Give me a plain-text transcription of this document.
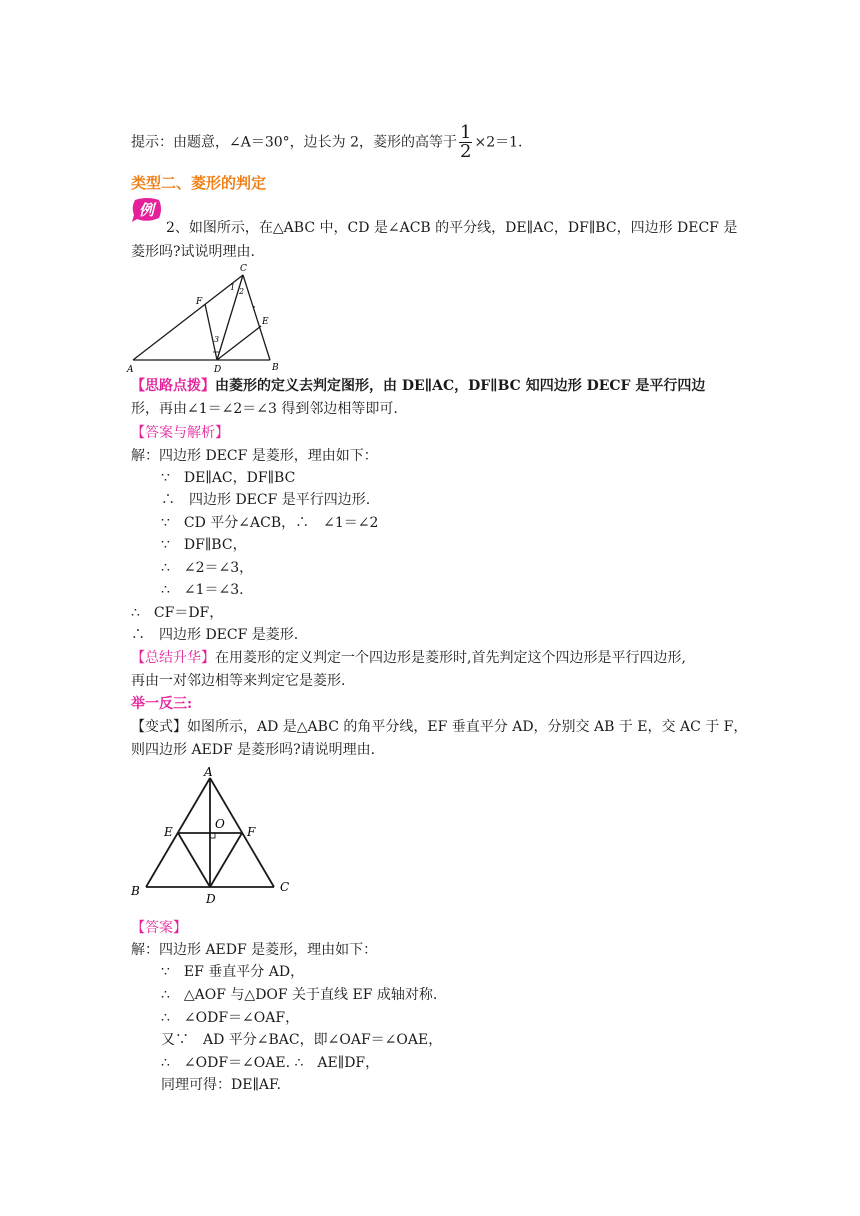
提示：由题意，∠A＝30°，边长为 2，菱形的高等于 $\frac{1}{2} \times 2=1$.
类型二、菱形的判定
例
2、如图所示，在△ABC 中，CD 是∠ACB 的平分线，DE∥AC，DF∥BC，四边形 DECF 是
菱形吗?试说明理由.
A	B
C
D
E
F
1 2
3
【思路点拨】由菱形的定义去判定图形，由 DE∥AC，DF∥BC 知四边形 DECF 是平行四边
形，再由∠1＝∠2＝∠3 得到邻边相等即可.
【答案与解析】
解：四边形 DECF 是菱形，理由如下：
∵　DE∥AC，DF∥BC
∴　四边形 DECF 是平行四边形.
∵　CD 平分∠ACB，∴　∠1＝∠2
∵　DF∥BC，
∴　∠2＝∠3，
∴　∠1＝∠3.
∴　CF＝DF，
∴　四边形 DECF 是菱形.
【总结升华】在用菱形的定义判定一个四边形是菱形时,首先判定这个四边形是平行四边形,
再由一对邻边相等来判定它是菱形.
举一反三:
【变式】如图所示，AD 是△ABC 的角平分线，EF 垂直平分 AD，分别交 AB 于 E，交 AC 于 F，
则四边形 AEDF 是菱形吗?请说明理由.
A
B	C
D
E	F
O
【答案】
解：四边形 AEDF 是菱形，理由如下：
∵　EF 垂直平分 AD，
∴　△AOF 与△DOF 关于直线 EF 成轴对称.
∴　∠ODF＝∠OAF，
又∵　AD 平分∠BAC，即∠OAF＝∠OAE，
∴　∠ODF＝∠OAE. ∴　AE∥DF，
同理可得：DE∥AF.
